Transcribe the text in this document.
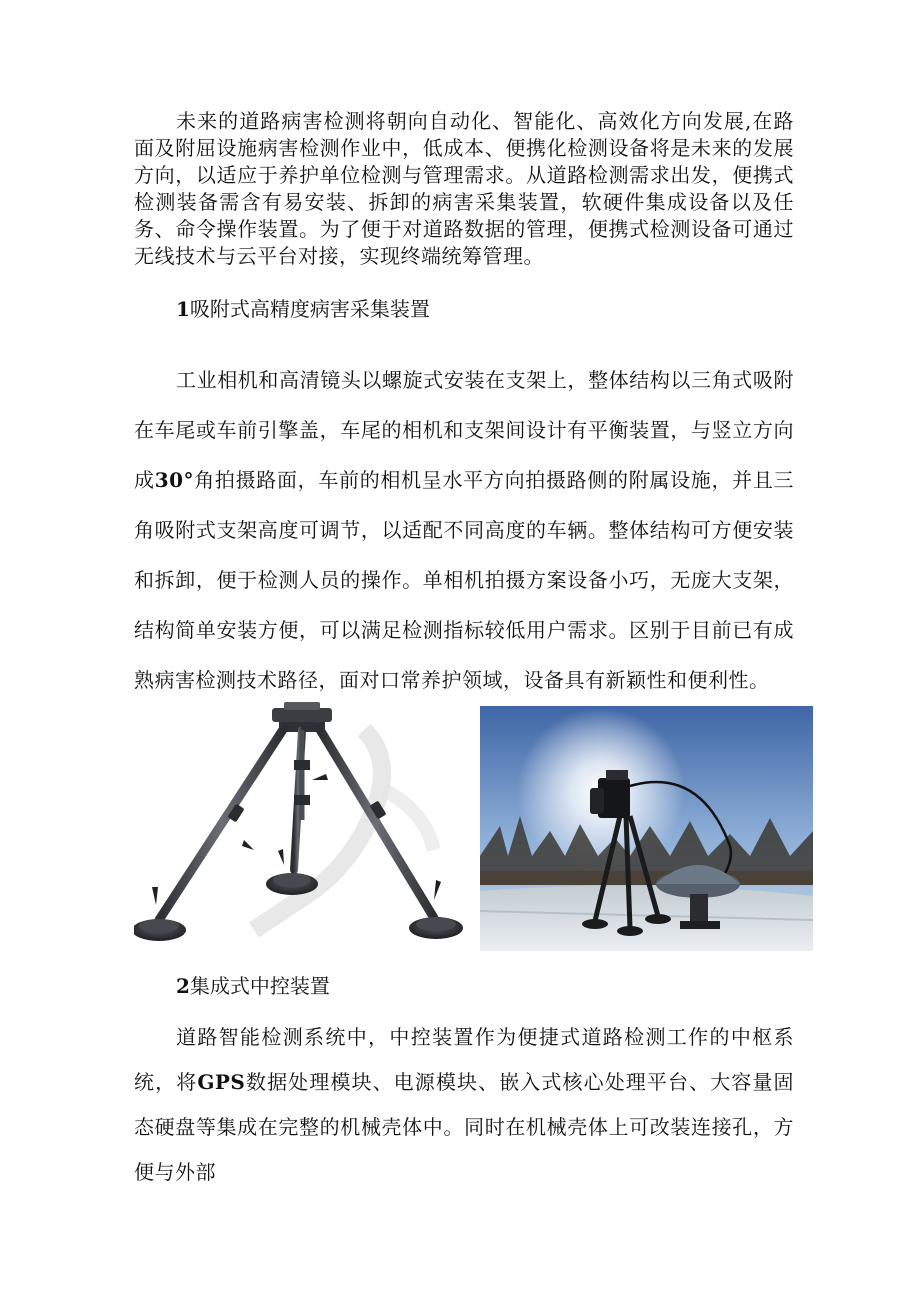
未来的道路病害检测将朝向自动化、智能化、高效化方向发展,在路面及附屈设施病害检测作业中，低成本、便携化检测设备将是未来的发展方向，以适应于养护单位检测与管理需求。从道路检测需求出发，便携式检测装备需含有易安装、拆卸的病害采集装置，软硬件集成设备以及任务、命令操作装置。为了便于对道路数据的管理，便携式检测设备可通过无线技术与云平台对接，实现终端统筹管理。

1吸附式高精度病害采集装置

工业相机和高清镜头以螺旋式安装在支架上，整体结构以三角式吸附在车尾或车前引擎盖，车尾的相机和支架间设计有平衡装置，与竖立方向成30°角拍摄路面，车前的相机呈水平方向拍摄路侧的附属设施，并且三角吸附式支架高度可调节，以适配不同高度的车辆。整体结构可方便安装和拆卸，便于检测人员的操作。单相机拍摄方案设备小巧，无庞大支架，结构简单安装方便，可以满足检测指标较低用户需求。区别于目前已有成熟病害检测技术路径，面对口常养护领域，设备具有新颖性和便利性。

2集成式中控装置

道路智能检测系统中，中控装置作为便捷式道路检测工作的中枢系统，将GPS数据处理模块、电源模块、嵌入式核心处理平台、大容量固态硬盘等集成在完整的机械壳体中。同时在机械壳体上可改装连接孔，方便与外部
